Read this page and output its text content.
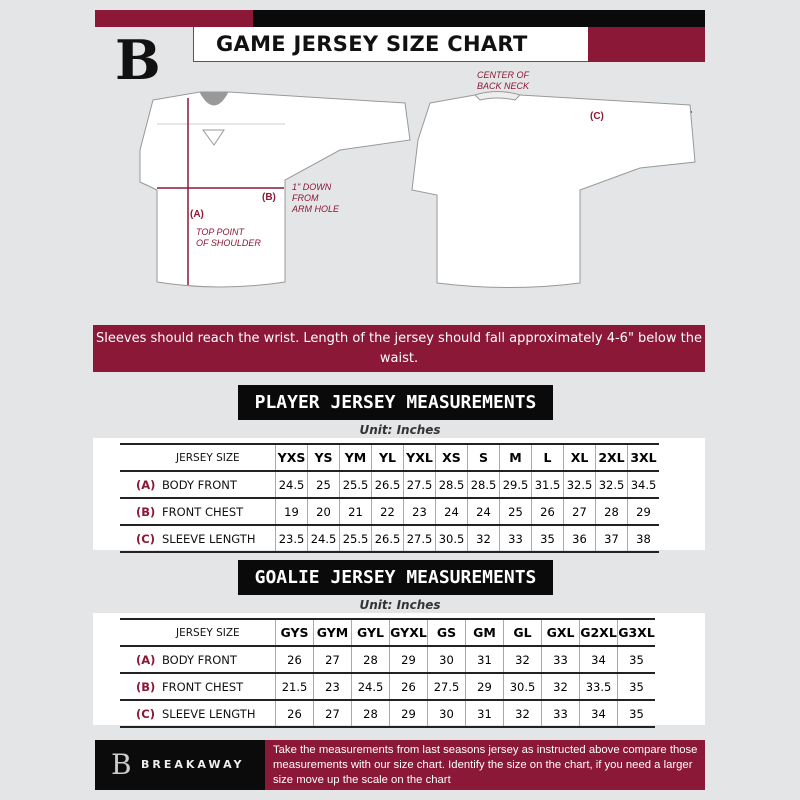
GAME JERSEY SIZE CHART
B
(A)
TOP POINT
OF SHOULDER
(B)
1" DOWN
FROM
ARM HOLE
(C)
CENTER OF
BACK NECK
Sleeves should reach the wrist. Length of the jersey should fall approximately 4-6" below the waist.
PLAYER JERSEY MEASUREMENTS
Unit: Inches
JERSEY SIZE	YXS	YS	YM	YL	YXL	XS	S	M	L	XL	2XL	3XL
(A) BODY FRONT	24.5	25	25.5	26.5	27.5	28.5	28.5	29.5	31.5	32.5	32.5	34.5
(B) FRONT CHEST	19	20	21	22	23	24	24	25	26	27	28	29
(C) SLEEVE LENGTH	23.5	24.5	25.5	26.5	27.5	30.5	32	33	35	36	37	38
GOALIE JERSEY MEASUREMENTS
Unit: Inches
JERSEY SIZE	GYS	GYM	GYL	GYXL	GS	GM	GL	GXL	G2XL	G3XL
(A) BODY FRONT	26	27	28	29	30	31	32	33	34	35
(B) FRONT CHEST	21.5	23	24.5	26	27.5	29	30.5	32	33.5	35
(C) SLEEVE LENGTH	26	27	28	29	30	31	32	33	34	35
B BREAKAWAY
Take the measurements from last seasons jersey as instructed above compare those measurements with our size chart. Identify the size on the chart, if you need a larger size move up the scale on the chart
